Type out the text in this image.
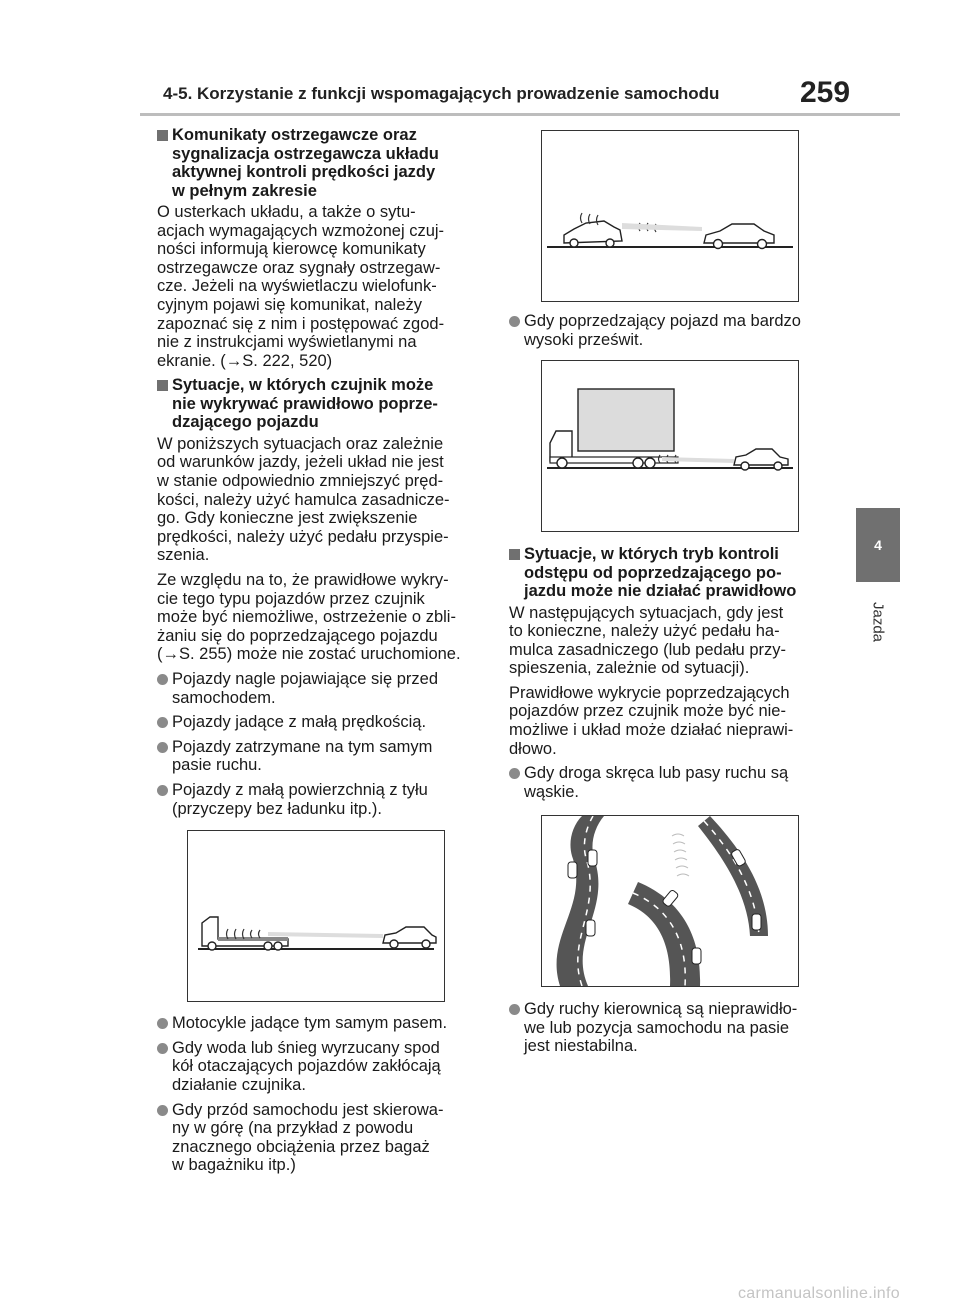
4-5. Korzystanie z funkcji wspomagających prowadzenie samochodu	259
4
Jazda
Komunikaty ostrzegawcze oraz
sygnalizacja ostrzegawcza układu
aktywnej kontroli prędkości jazdy
w pełnym zakresie
O usterkach układu, a także o sytu-
acjach wymagających wzmożonej czuj-
ności informują kierowcę komunikaty
ostrzegawcze oraz sygnały ostrzegaw-
cze. Jeżeli na wyświetlaczu wielofunk-
cyjnym pojawi się komunikat, należy
zapoznać się z nim i postępować zgod-
nie z instrukcjami wyświetlanymi na
ekranie. (→S. 222, 520)
Sytuacje, w których czujnik może
nie wykrywać prawidłowo poprze-
dzającego pojazdu
W poniższych sytuacjach oraz zależnie
od warunków jazdy, jeżeli układ nie jest
w stanie odpowiednio zmniejszyć pręd-
kości, należy użyć hamulca zasadnicze-
go. Gdy konieczne jest zwiększenie
prędkości, należy użyć pedału przyspie-
szenia.
Ze względu na to, że prawidłowe wykry-
cie tego typu pojazdów przez czujnik
może być niemożliwe, ostrzeżenie o zbli-
żaniu się do poprzedzającego pojazdu
(→S. 255) może nie zostać uruchomione.
Pojazdy nagle pojawiające się przed
samochodem.
Pojazdy jadące z małą prędkością.
Pojazdy zatrzymane na tym samym
pasie ruchu.
Pojazdy z małą powierzchnią z tyłu
(przyczepy bez ładunku itp.).
Motocykle jadące tym samym pasem.
Gdy woda lub śnieg wyrzucany spod
kół otaczających pojazdów zakłócają
działanie czujnika.
Gdy przód samochodu jest skierowa-
ny w górę (na przykład z powodu
znacznego obciążenia przez bagaż
w bagażniku itp.)
Gdy poprzedzający pojazd ma bardzo
wysoki prześwit.
Sytuacje, w których tryb kontroli
odstępu od poprzedzającego po-
jazdu może nie działać prawidłowo
W następujących sytuacjach, gdy jest
to konieczne, należy użyć pedału ha-
mulca zasadniczego (lub pedału przy-
spieszenia, zależnie od sytuacji).
Prawidłowe wykrycie poprzedzających
pojazdów przez czujnik może być nie-
możliwe i układ może działać nieprawi-
dłowo.
Gdy droga skręca lub pasy ruchu są
wąskie.
Gdy ruchy kierownicą są nieprawidło-
we lub pozycja samochodu na pasie
jest niestabilna.
carmanualsonline.info
